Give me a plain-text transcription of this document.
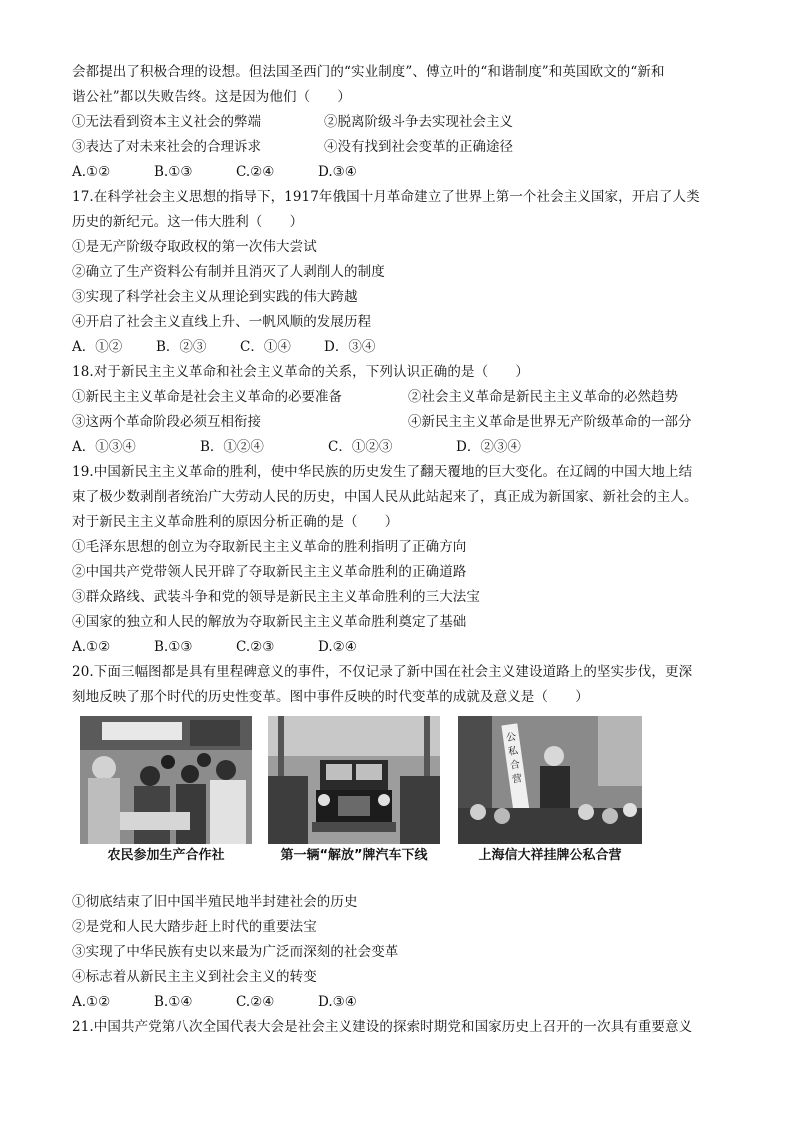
会都提出了积极合理的设想。但法国圣西门的“实业制度”、傅立叶的“和谐制度”和英国欧文的“新和
谐公社”都以失败告终。这是因为他们（　　）
①无法看到资本主义社会的弊端	②脱离阶级斗争去实现社会主义
③表达了对未来社会的合理诉求	④没有找到社会变革的正确途径
A.①②	B.①③	C.②④	D.③④
17.在科学社会主义思想的指导下，1917年俄国十月革命建立了世界上第一个社会主义国家，开启了人类
历史的新纪元。这一伟大胜利（　　）
①是无产阶级夺取政权的第一次伟大尝试
②确立了生产资料公有制并且消灭了人剥削人的制度
③实现了科学社会主义从理论到实践的伟大跨越
④开启了社会主义直线上升、一帆风顺的发展历程
A．①②	B．②③	C．①④	D．③④
18.对于新民主主义革命和社会主义革命的关系，下列认识正确的是（　　）
①新民主主义革命是社会主义革命的必要准备	②社会主义革命是新民主主义革命的必然趋势
③这两个革命阶段必须互相衔接	④新民主主义革命是世界无产阶级革命的一部分
A．①③④	B．①②④	C．①②③	D．②③④
19.中国新民主主义革命的胜利，使中华民族的历史发生了翻天覆地的巨大变化。在辽阔的中国大地上结
束了极少数剥削者统治广大劳动人民的历史，中国人民从此站起来了，真正成为新国家、新社会的主人。
对于新民主主义革命胜利的原因分析正确的是（　　）
①毛泽东思想的创立为夺取新民主主义革命的胜利指明了正确方向
②中国共产党带领人民开辟了夺取新民主主义革命胜利的正确道路
③群众路线、武装斗争和党的领导是新民主主义革命胜利的三大法宝
④国家的独立和人民的解放为夺取新民主主义革命胜利奠定了基础
A.①②	B.①③	C.②③	D.②④
20.下面三幅图都是具有里程碑意义的事件，不仅记录了新中国在社会主义建设道路上的坚实步伐，更深
刻地反映了那个时代的历史性变革。图中事件反映的时代变革的成就及意义是（　　）
农民参加生产合作社	第一辆“解放”牌汽车下线
公私合营
上海信大祥挂牌公私合营
①彻底结束了旧中国半殖民地半封建社会的历史
②是党和人民大踏步赶上时代的重要法宝
③实现了中华民族有史以来最为广泛而深刻的社会变革
④标志着从新民主主义到社会主义的转变
A.①②	B.①④	C.②④	D.③④
21.中国共产党第八次全国代表大会是社会主义建设的探索时期党和国家历史上召开的一次具有重要意义
